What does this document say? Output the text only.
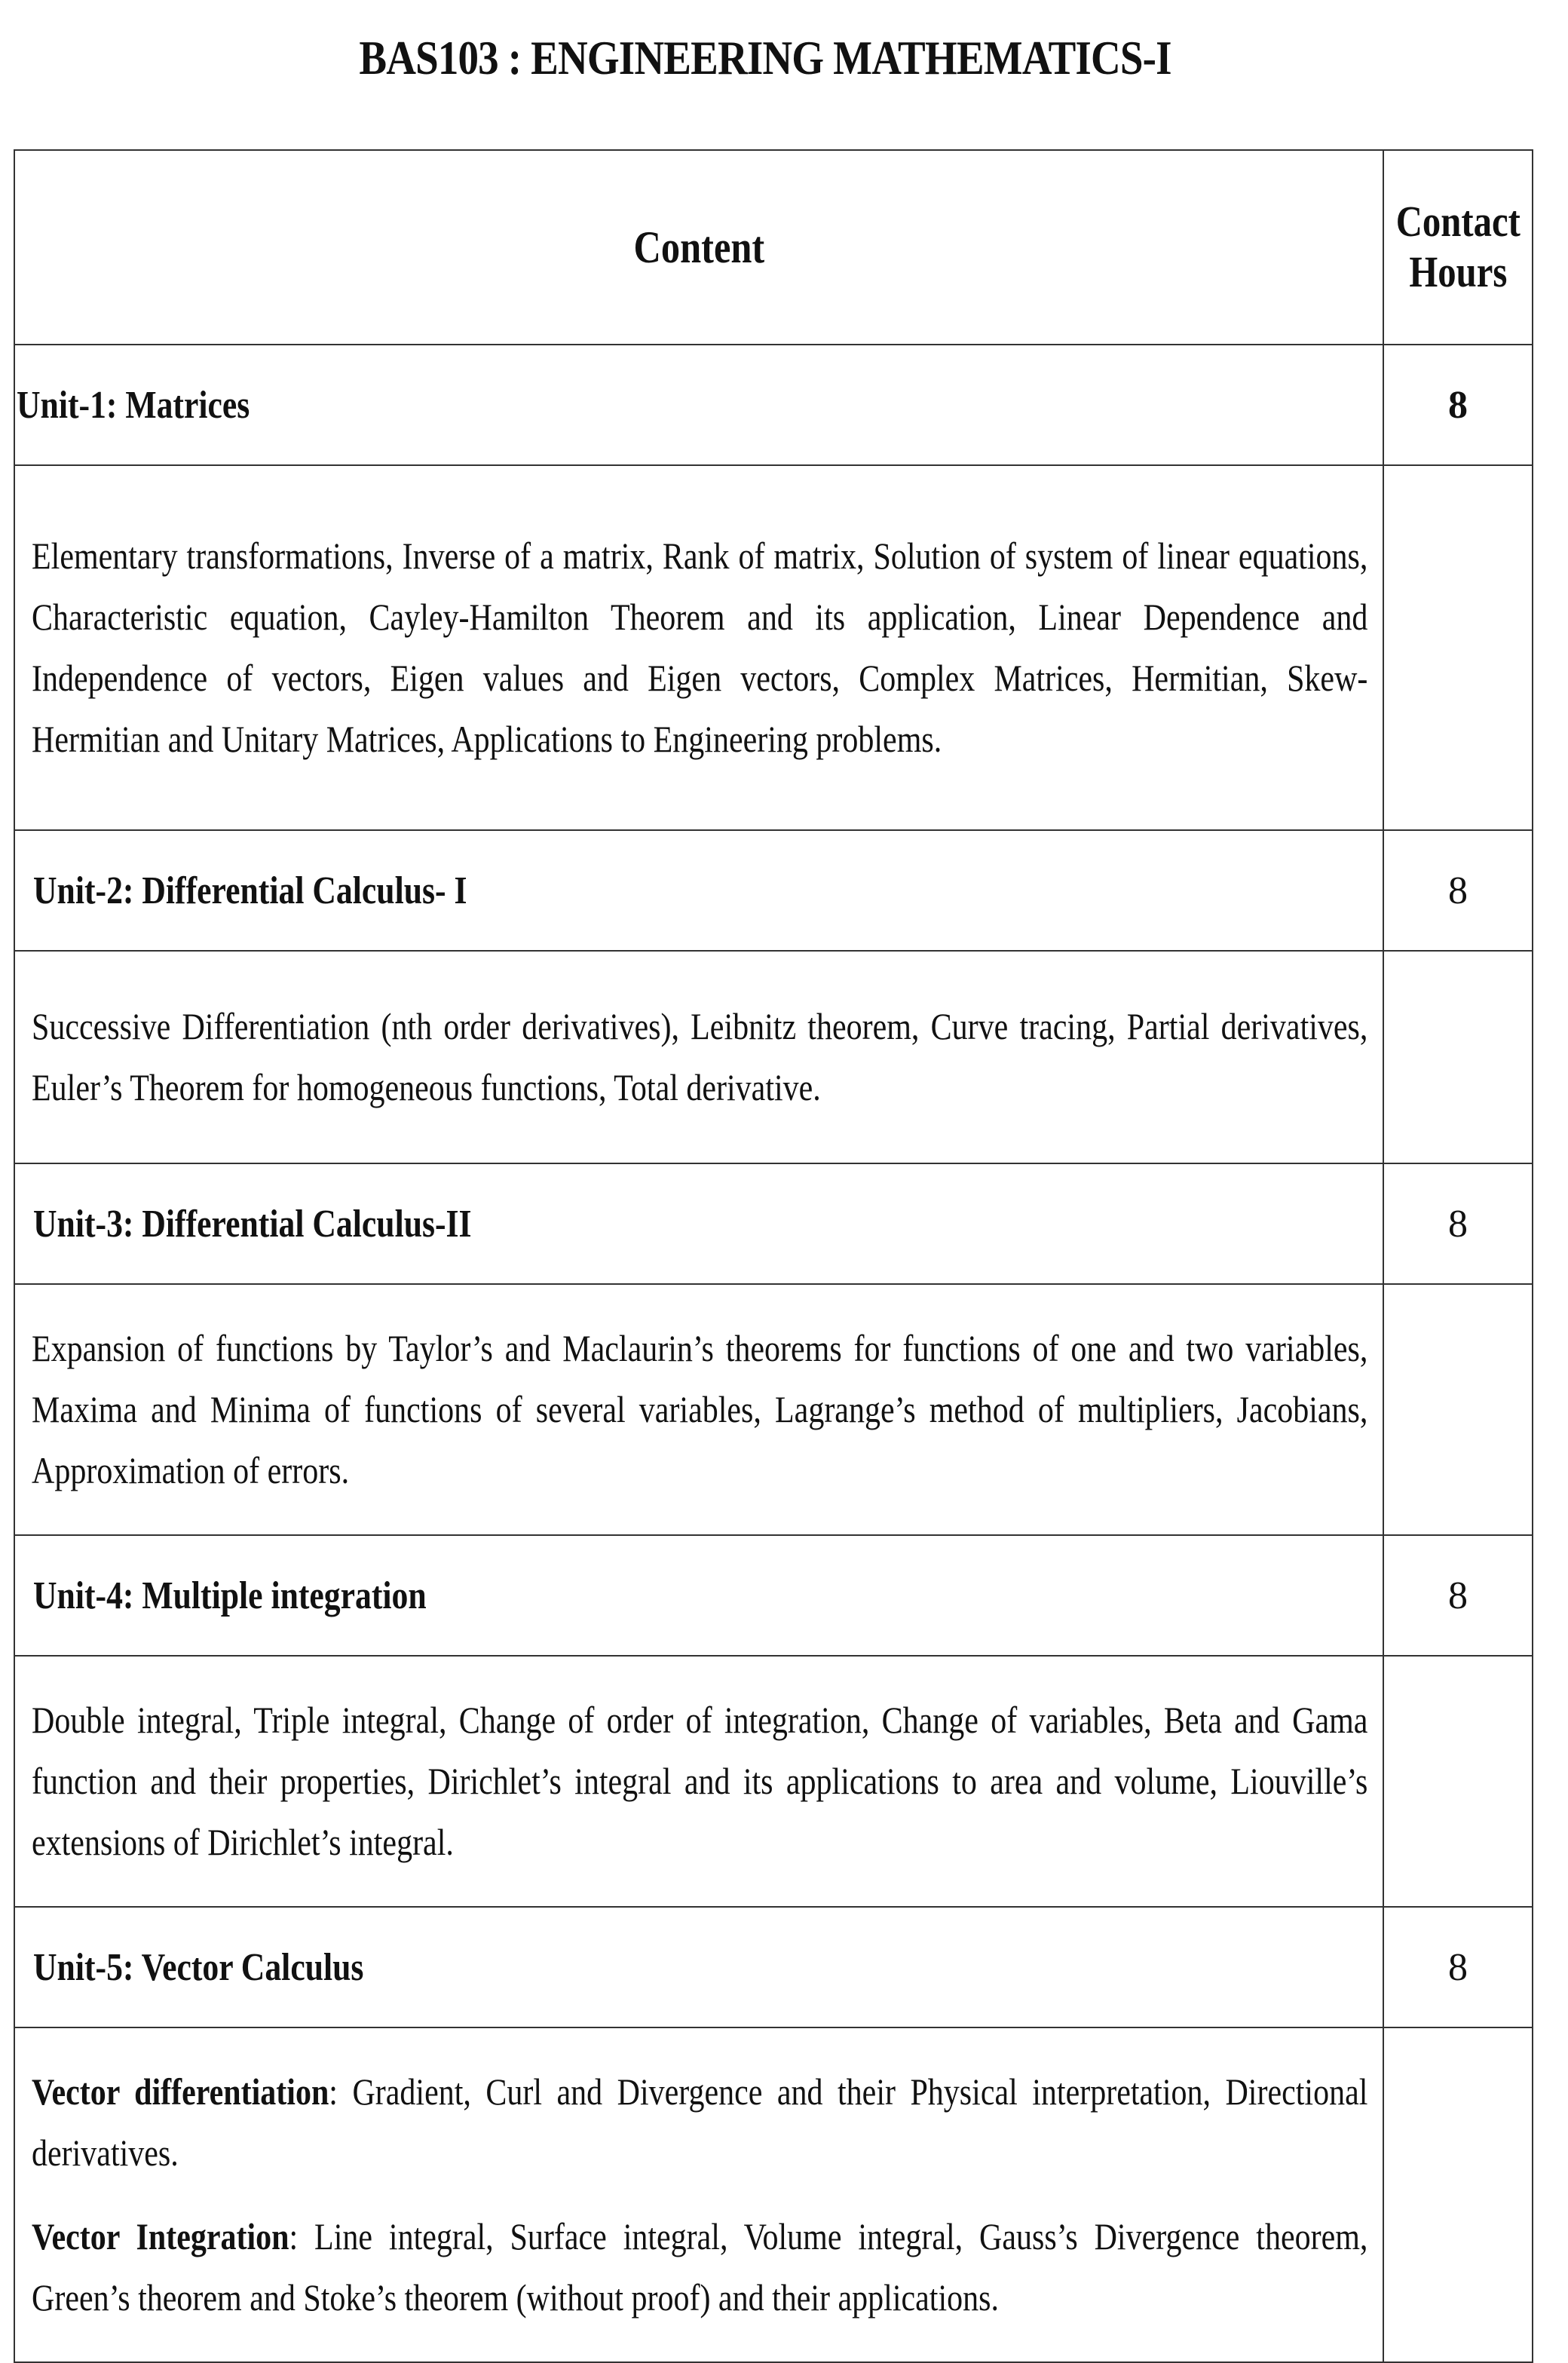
BAS103 : ENGINEERING MATHEMATICS-I
Content	Contact
Hours
Unit-1: Matrices	8

Elementary transformations, Inverse of a matrix, Rank of matrix, Solution of system of linear equations, Characteristic equation, Cayley-Hamilton Theorem and its application, Linear Dependence and Independence of vectors, Eigen values and Eigen vectors, Complex Matrices, Hermitian, Skew-Hermitian and Unitary Matrices, Applications to Engineering problems.	

Unit-2: Differential Calculus- I	8

Successive Differentiation (nth order derivatives), Leibnitz theorem, Curve tracing, Partial derivatives, Euler’s Theorem for homogeneous functions, Total derivative.	

Unit-3: Differential Calculus-II	8

Expansion of functions by Taylor’s and Maclaurin’s theorems for functions of one and two variables, Maxima and Minima of functions of several variables, Lagrange’s method of multipliers, Jacobians, Approximation of errors.	

Unit-4: Multiple integration	8

Double integral, Triple integral, Change of order of integration, Change of variables, Beta and Gama function and their properties, Dirichlet’s integral and its applications to area and volume, Liouville’s extensions of Dirichlet’s integral.	

Unit-5: Vector Calculus	8

Vector differentiation: Gradient, Curl and Divergence and their Physical interpretation, Directional derivatives.
Vector Integration: Line integral, Surface integral, Volume integral, Gauss’s Divergence theorem, Green’s theorem and Stoke’s theorem (without proof) and their applications.	
